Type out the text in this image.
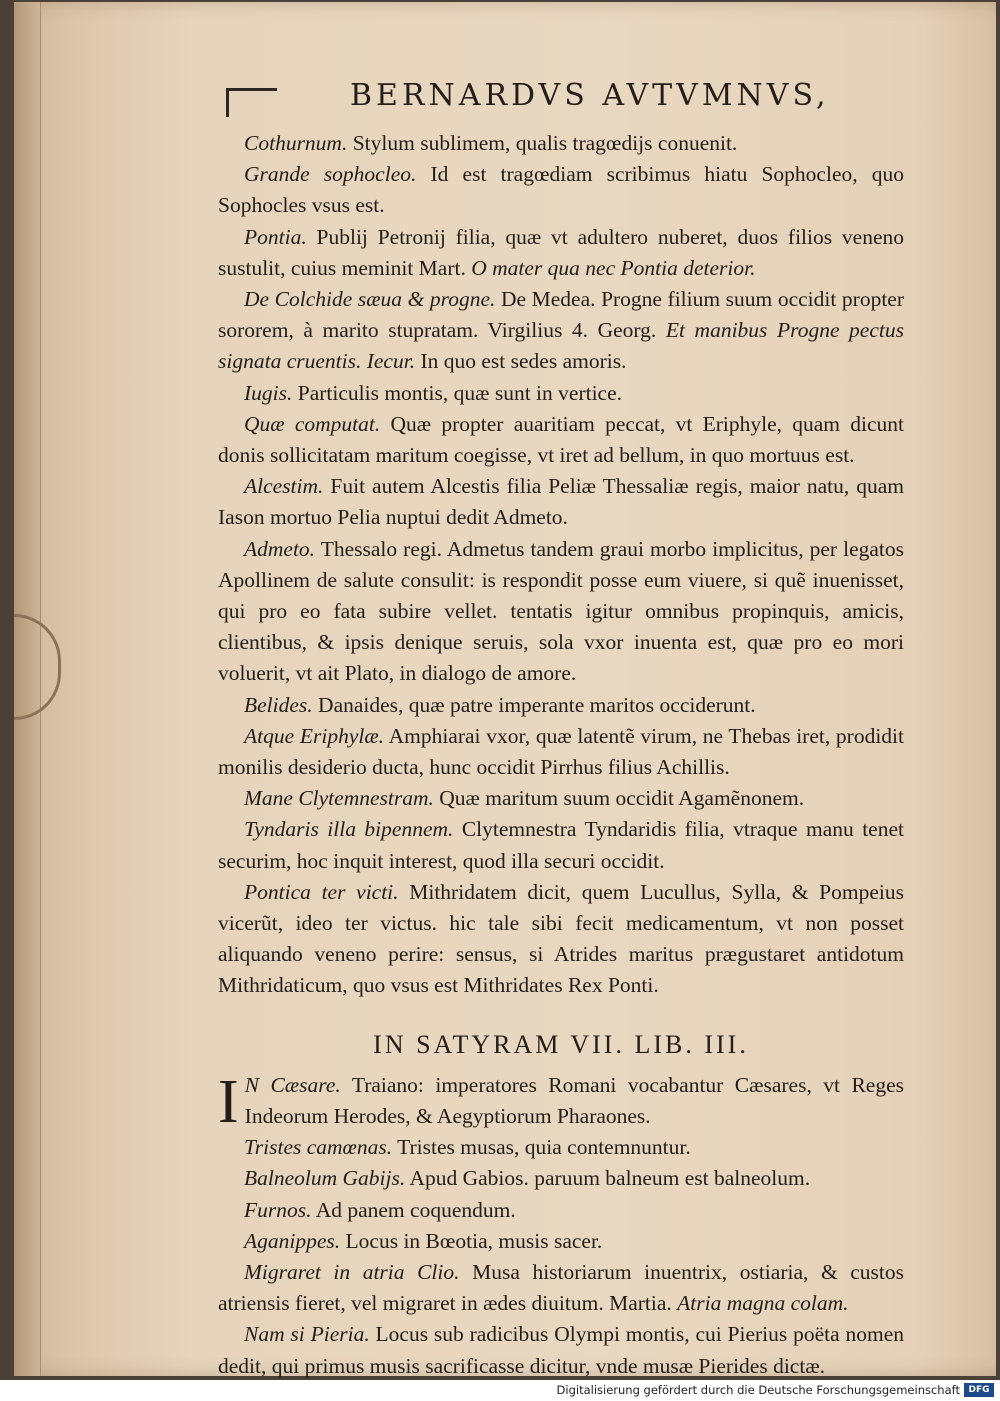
BERNARDVS AVTVMNVS,

Cothurnum. Stylum sublimem, qualis tragœdijs conuenit.

Grande sophocleo. Id est tragœdiam scribimus hiatu Sophocleo, quo Sophocles vsus est.

Pontia. Publij Petronij filia, quæ vt adultero nuberet, duos filios veneno sustulit, cuius meminit Mart. O mater qua nec Pontia deterior.

De Colchide sæua & progne. De Medea. Progne filium suum occidit propter sororem, à marito stupratam. Virgilius 4. Georg. Et manibus Progne pectus signata cruentis. Iecur. In quo est sedes amoris.

Iugis. Particulis montis, quæ sunt in vertice.

Quæ computat. Quæ propter auaritiam peccat, vt Eriphyle, quam dicunt donis sollicitatam maritum coegisse, vt iret ad bellum, in quo mortuus est.

Alcestim. Fuit autem Alcestis filia Peliæ Thessaliæ regis, maior natu, quam Iason mortuo Pelia nuptui dedit Admeto.

Admeto. Thessalo regi. Admetus tandem graui morbo implicitus, per legatos Apollinem de salute consulit: is respondit posse eum viuere, si quẽ inuenisset, qui pro eo fata subire vellet. tentatis igitur omnibus propinquis, amicis, clientibus, & ipsis denique seruis, sola vxor inuenta est, quæ pro eo mori voluerit, vt ait Plato, in dialogo de amore.

Belides. Danaides, quæ patre imperante maritos occiderunt.

Atque Eriphylæ. Amphiarai vxor, quæ latentẽ virum, ne Thebas iret, prodidit monilis desiderio ducta, hunc occidit Pirrhus filius Achillis.

Mane Clytemnestram. Quæ maritum suum occidit Agamẽnonem.

Tyndaris illa bipennem. Clytemnestra Tyndaridis filia, vtraque manu tenet securim, hoc inquit interest, quod illa securi occidit.

Pontica ter victi. Mithridatem dicit, quem Lucullus, Sylla, & Pompeius vicerũt, ideo ter victus. hic tale sibi fecit medicamentum, vt non posset aliquando veneno perire: sensus, si Atrides maritus prægustaret antidotum Mithridaticum, quo vsus est Mithridates Rex Ponti.

IN SATYRAM VII. LIB. III.

I N Cæsare. Traiano: imperatores Romani vocabantur Cæsares, vt Reges Indeorum Herodes, & Aegyptiorum Pharaones.

Tristes camœnas. Tristes musas, quia contemnuntur.

Balneolum Gabijs. Apud Gabios. paruum balneum est balneolum.

Furnos. Ad panem coquendum.

Aganippes. Locus in Bœotia, musis sacer.

Migraret in atria Clio. Musa historiarum inuentrix, ostiaria, & custos atriensis fieret, vel migraret in ædes diuitum. Martia. Atria magna colam.

Nam si Pieria. Locus sub radicibus Olympi montis, cui Pierius poëta nomen dedit, qui primus musis sacrificasse dicitur, vnde musæ Pierides dictæ.

Digitalisierung gefördert durch die Deutsche Forschungsgemeinschaft DFG
